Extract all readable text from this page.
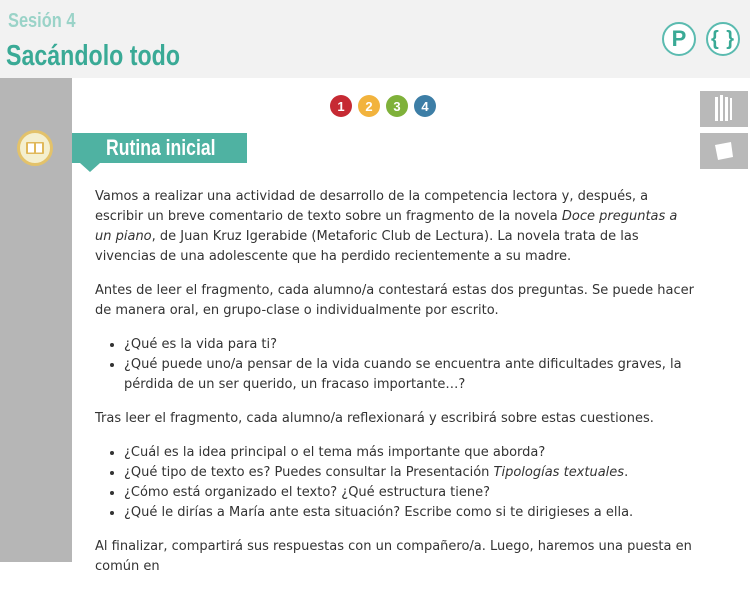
Sesión 4
Sacándolo todo
P	{ }
1	2	3	4
Rutina inicial

Vamos a realizar una actividad de desarrollo de la competencia lectora y, después, a escribir un breve comentario de texto sobre un fragmento de la novela Doce preguntas a un piano, de Juan Kruz Igerabide (Metaforic Club de Lectura). La novela trata de las vivencias de una adolescente que ha perdido recientemente a su madre.

Antes de leer el fragmento, cada alumno/a contestará estas dos preguntas. Se puede hacer de manera oral, en grupo-clase o individualmente por escrito.

• ¿Qué es la vida para ti?
• ¿Qué puede uno/a pensar de la vida cuando se encuentra ante dificultades graves, la pérdida de un ser querido, un fracaso importante…?

Tras leer el fragmento, cada alumno/a reflexionará y escribirá sobre estas cuestiones.

• ¿Cuál es la idea principal o el tema más importante que aborda?
• ¿Qué tipo de texto es? Puedes consultar la Presentación Tipologías textuales.
• ¿Cómo está organizado el texto? ¿Qué estructura tiene?
• ¿Qué le dirías a María ante esta situación? Escribe como si te dirigieses a ella.

Al finalizar, compartirá sus respuestas con un compañero/a. Luego, haremos una puesta en común en
